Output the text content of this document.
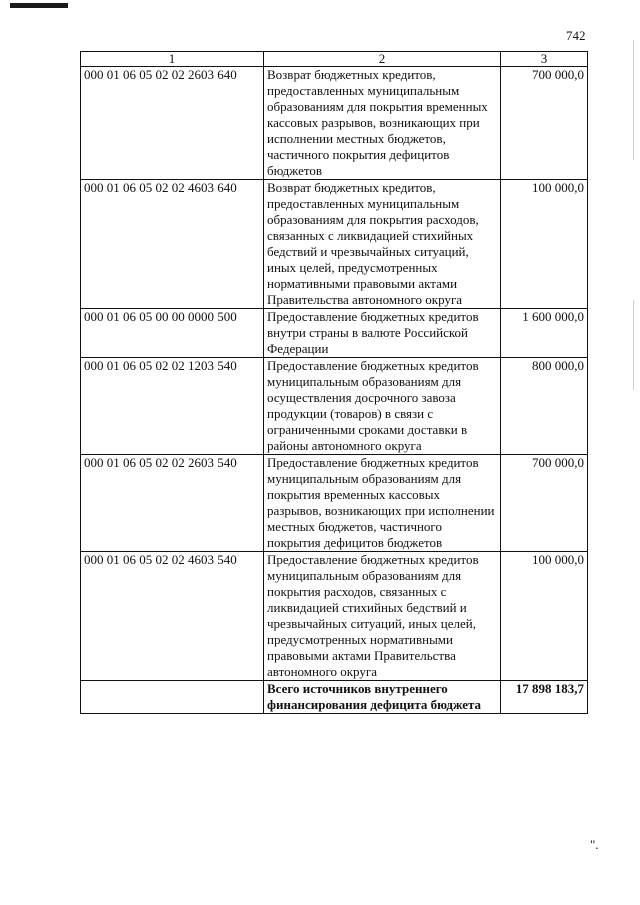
742
1	2	3
000 01 06 05 02 02 2603 640	Возврат бюджетных кредитов, предоставленных муниципальным образованиям для покрытия временных кассовых разрывов, возникающих при исполнении местных бюджетов, частичного покрытия дефицитов бюджетов	700 000,0
000 01 06 05 02 02 4603 640	Возврат бюджетных кредитов, предоставленных муниципальным образованиям для покрытия расходов, связанных с ликвидацией стихийных бедствий и чрезвычайных ситуаций, иных целей, предусмотренных нормативными правовыми актами Правительства автономного округа	100 000,0
000 01 06 05 00 00 0000 500	Предоставление бюджетных кредитов внутри страны в валюте Российской Федерации	1 600 000,0
000 01 06 05 02 02 1203 540	Предоставление бюджетных кредитов муниципальным образованиям для осуществления досрочного завоза продукции (товаров) в связи с ограниченными сроками доставки в районы автономного округа	800 000,0
000 01 06 05 02 02 2603 540	Предоставление бюджетных кредитов муниципальным образованиям для покрытия временных кассовых разрывов, возникающих при исполнении местных бюджетов, частичного покрытия дефицитов бюджетов	700 000,0
000 01 06 05 02 02 4603 540	Предоставление бюджетных кредитов муниципальным образованиям для покрытия расходов, связанных с ликвидацией стихийных бедствий и чрезвычайных ситуаций, иных целей, предусмотренных нормативными правовыми актами Правительства автономного округа	100 000,0
	Всего источников внутреннего финансирования дефицита бюджета	17 898 183,7
".
